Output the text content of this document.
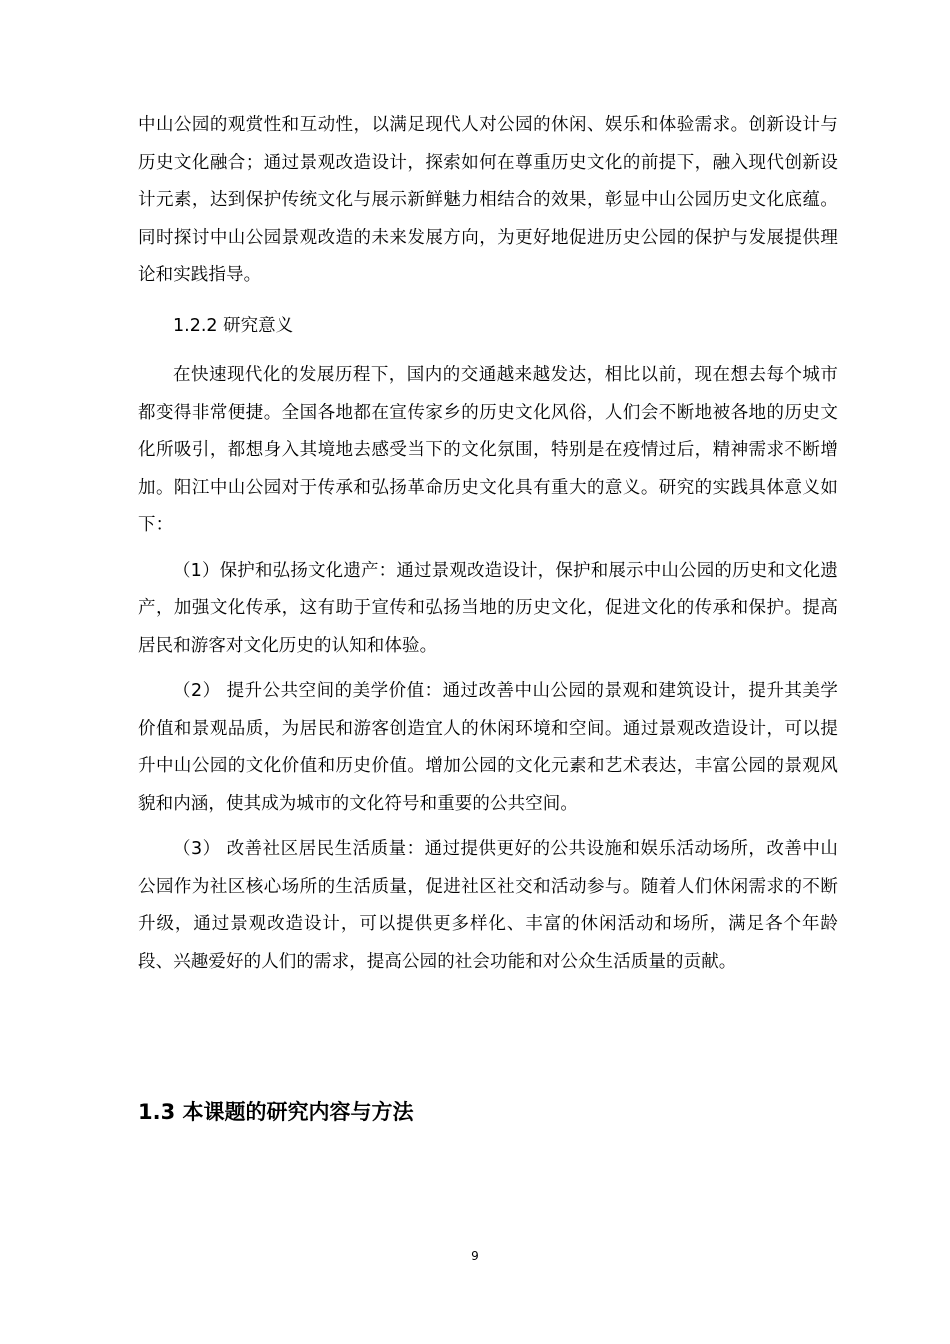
中山公园的观赏性和互动性，以满足现代人对公园的休闲、娱乐和体验需求。创新设计与历史文化融合；通过景观改造设计，探索如何在尊重历史文化的前提下，融入现代创新设计元素，达到保护传统文化与展示新鲜魅力相结合的效果，彰显中山公园历史文化底蕴。同时探讨中山公园景观改造的未来发展方向，为更好地促进历史公园的保护与发展提供理论和实践指导。

1.2.2 研究意义

在快速现代化的发展历程下，国内的交通越来越发达，相比以前，现在想去每个城市都变得非常便捷。全国各地都在宣传家乡的历史文化风俗，人们会不断地被各地的历史文化所吸引，都想身入其境地去感受当下的文化氛围，特别是在疫情过后，精神需求不断增加。阳江中山公园对于传承和弘扬革命历史文化具有重大的意义。研究的实践具体意义如下：

（1）保护和弘扬文化遗产：通过景观改造设计，保护和展示中山公园的历史和文化遗产，加强文化传承，这有助于宣传和弘扬当地的历史文化，促进文化的传承和保护。提高居民和游客对文化历史的认知和体验。

（2） 提升公共空间的美学价值：通过改善中山公园的景观和建筑设计，提升其美学价值和景观品质，为居民和游客创造宜人的休闲环境和空间。通过景观改造设计，可以提升中山公园的文化价值和历史价值。增加公园的文化元素和艺术表达，丰富公园的景观风貌和内涵，使其成为城市的文化符号和重要的公共空间。

（3） 改善社区居民生活质量：通过提供更好的公共设施和娱乐活动场所，改善中山公园作为社区核心场所的生活质量，促进社区社交和活动参与。随着人们休闲需求的不断升级，通过景观改造设计，可以提供更多样化、丰富的休闲活动和场所，满足各个年龄段、兴趣爱好的人们的需求，提高公园的社会功能和对公众生活质量的贡献。

1.3 本课题的研究内容与方法
9
